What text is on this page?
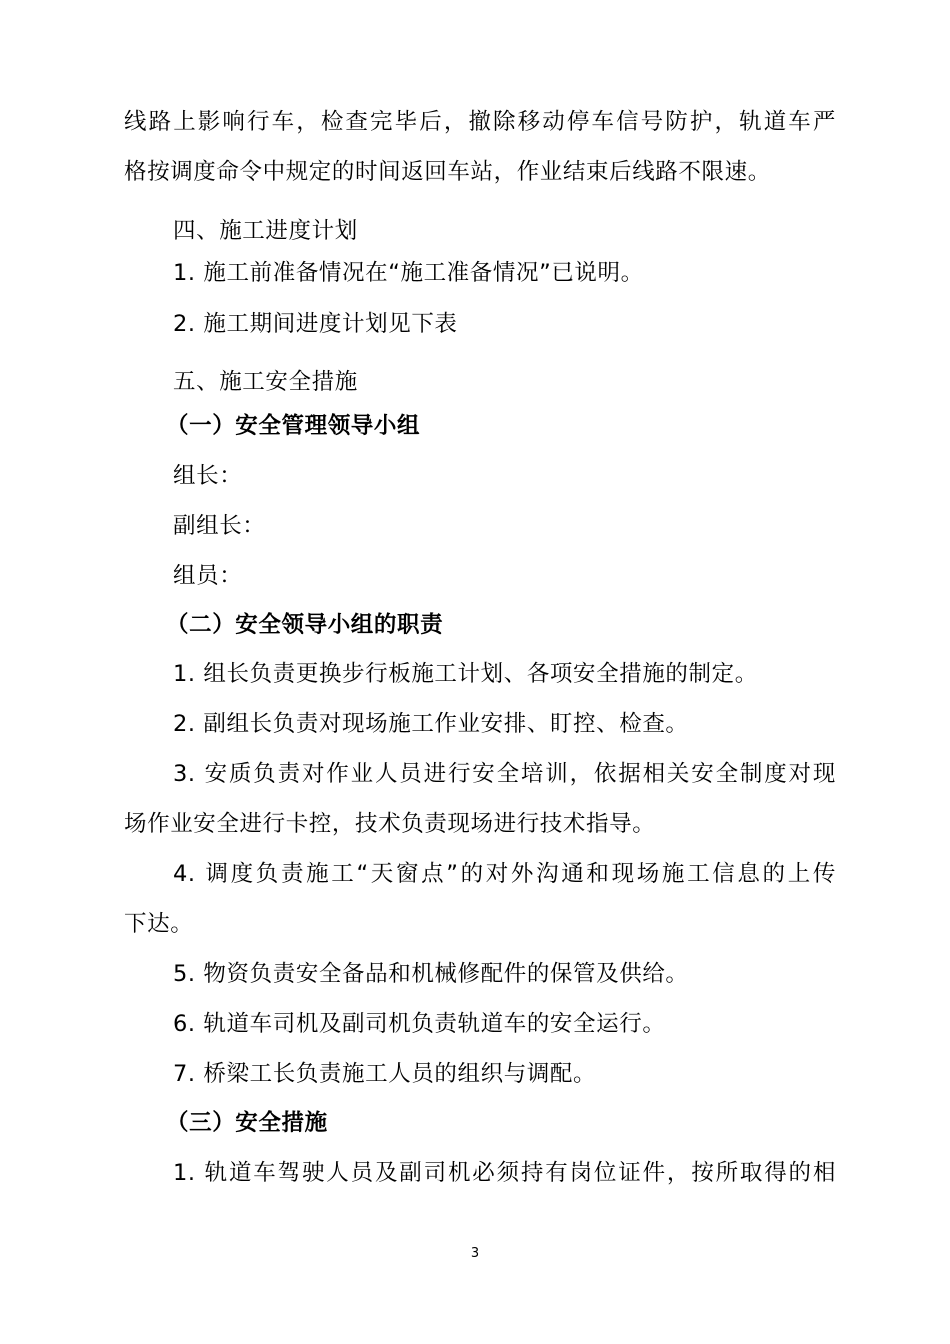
线路上影响行车，检查完毕后，撤除移动停车信号防护，轨道车严
格按调度命令中规定的时间返回车站，作业结束后线路不限速。
四、施工进度计划
1. 施工前准备情况在“施工准备情况”已说明。
2. 施工期间进度计划见下表
五、施工安全措施
（一）安全管理领导小组
组长：
副组长：
组员：
（二）安全领导小组的职责
1. 组长负责更换步行板施工计划、各项安全措施的制定。
2. 副组长负责对现场施工作业安排、盯控、检查。
3. 安质负责对作业人员进行安全培训，依据相关安全制度对现
场作业安全进行卡控，技术负责现场进行技术指导。
4. 调度负责施工“天窗点”的对外沟通和现场施工信息的上传
下达。
5. 物资负责安全备品和机械修配件的保管及供给。
6. 轨道车司机及副司机负责轨道车的安全运行。
7. 桥梁工长负责施工人员的组织与调配。
（三）安全措施
1. 轨道车驾驶人员及副司机必须持有岗位证件，按所取得的相
3
